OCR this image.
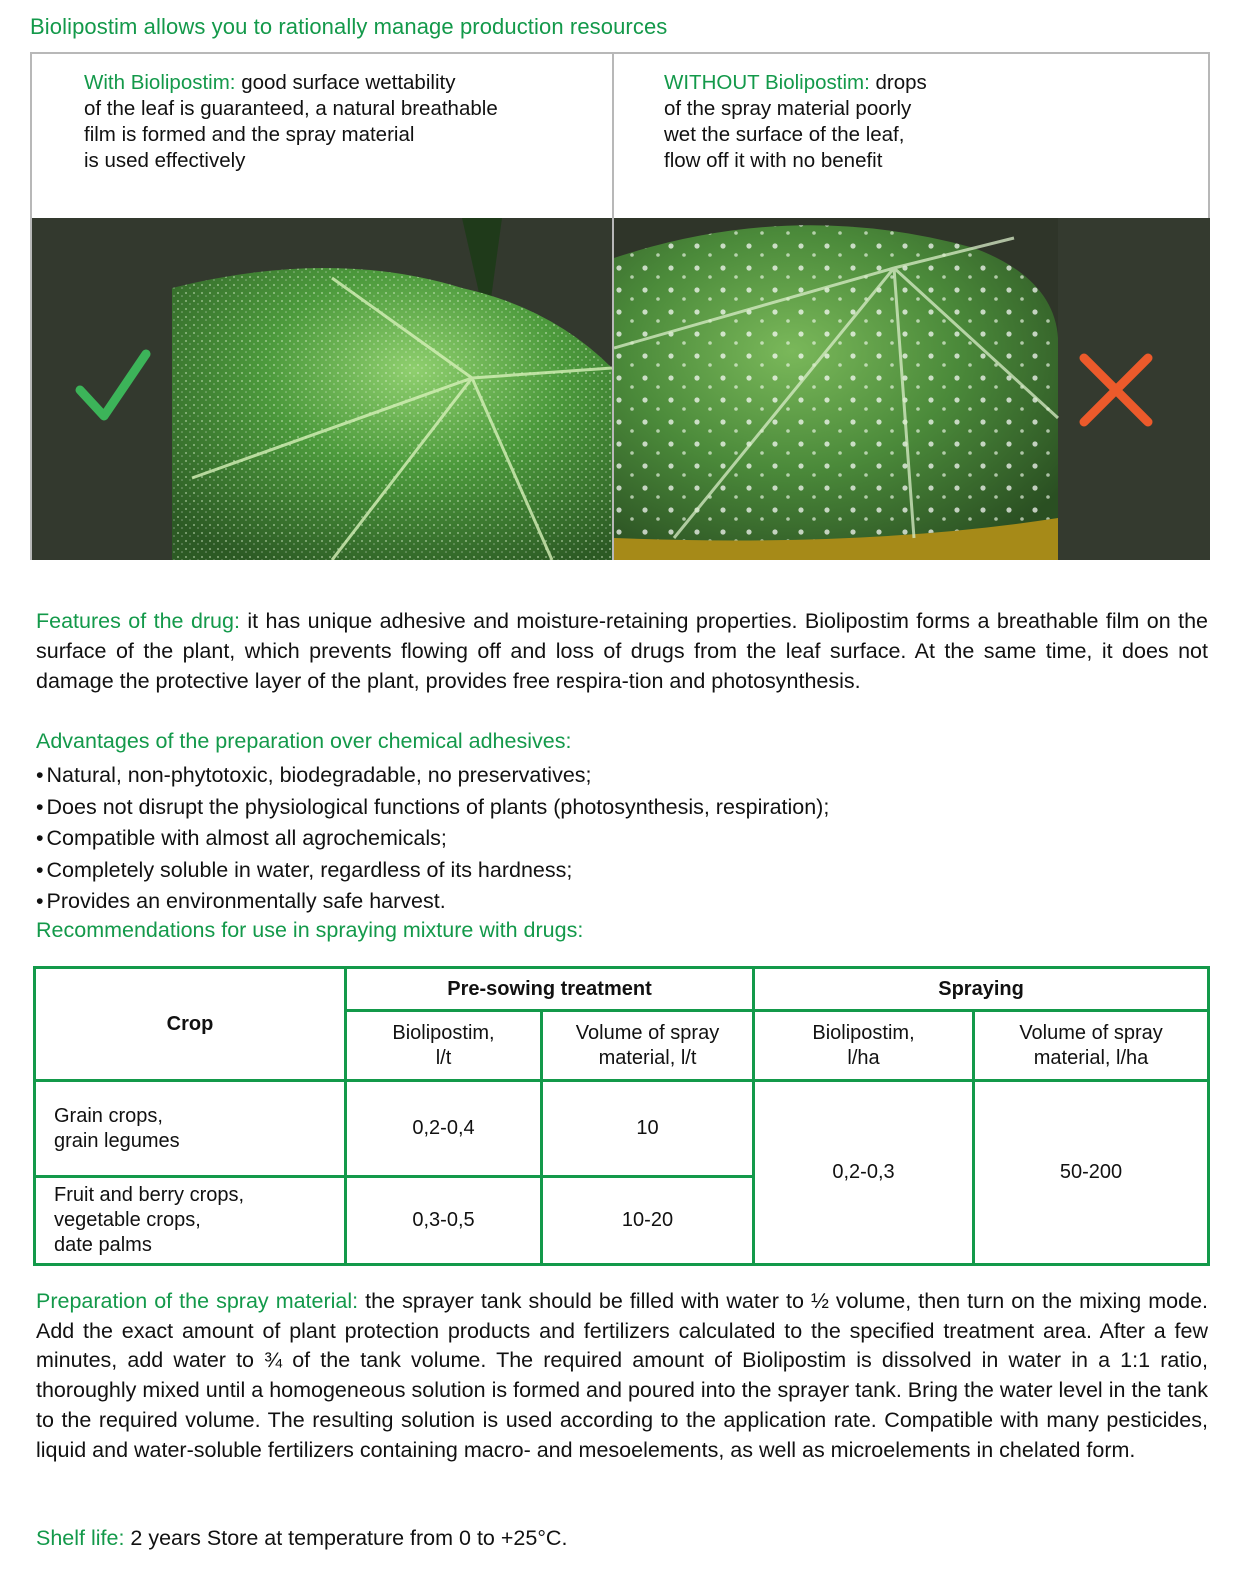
Biolipostim allows you to rationally manage production resources
With Biolipostim: good surface wettability
of the leaf is guaranteed, a natural breathable
film is formed and the spray material
is used effectively
WITHOUT Biolipostim: drops
of the spray material poorly
wet the surface of the leaf,
flow off it with no benefit
Features of the drug: it has unique adhesive and moisture-retaining properties. Biolipostim forms a breathable film on the surface of the plant, which prevents flowing off and loss of drugs from the leaf surface. At the same time, it does not damage the protective layer of the plant, provides free respira-tion and photosynthesis.
Advantages of the preparation over chemical adhesives:
• Natural, non-phytotoxic, biodegradable, no preservatives;
• Does not disrupt the physiological functions of plants (photosynthesis, respiration);
• Compatible with almost all agrochemicals;
• Completely soluble in water, regardless of its hardness;
• Provides an environmentally safe harvest.
Recommendations for use in spraying mixture with drugs:
Crop	Pre-sowing treatment		Spraying	
	Biolipostim,
l/t	Volume of spray
material, l/t	Biolipostim,
l/ha	Volume of spray
material, l/ha
Grain crops,
grain legumes	0,2-0,4	10	0,2-0,3	50-200
Fruit and berry crops,
vegetable crops,
date palms	0,3-0,5	10-20		
Preparation of the spray material: the sprayer tank should be filled with water to ½ volume, then turn on the mixing mode. Add the exact amount of plant protection products and fertilizers calculated to the specified treatment area. After a few minutes, add water to ¾ of the tank volume. The required amount of Biolipostim is dissolved in water in a 1:1 ratio, thoroughly mixed until a homogeneous solution is formed and poured into the sprayer tank. Bring the water level in the tank to the required volume. The resulting solution is used according to the application rate. Compatible with many pesticides, liquid and water-soluble fertilizers containing macro- and mesoelements, as well as microelements in chelated form.
Shelf life: 2 years Store at temperature from 0 to +25°C.
